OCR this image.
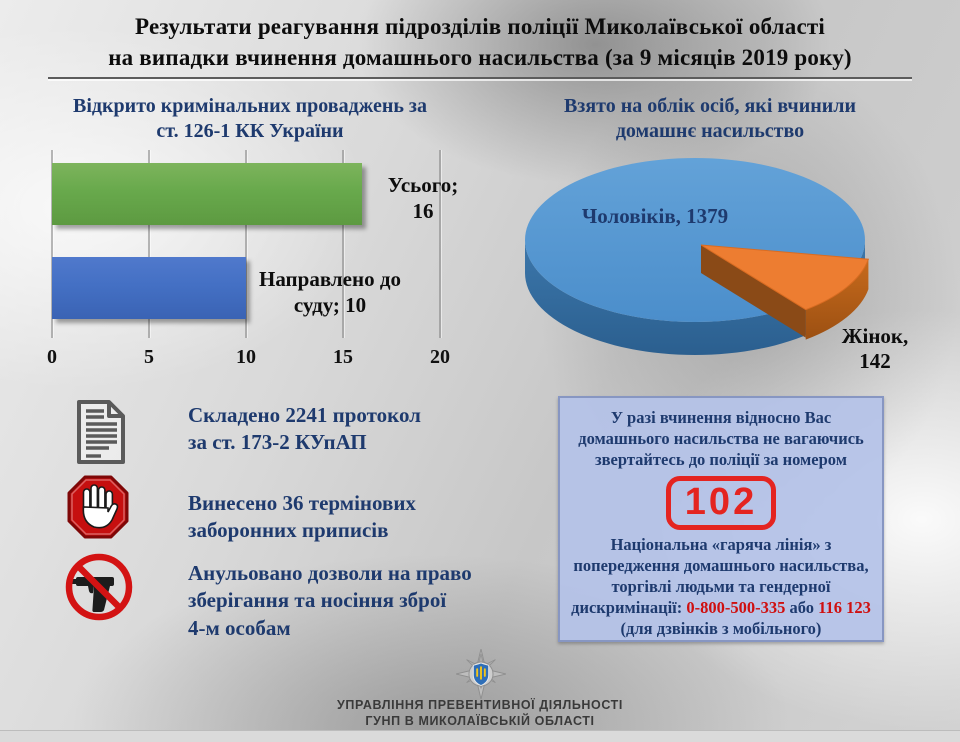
Результати реагування підрозділів поліції Миколаївської області
на випадки вчинення домашнього насильства (за 9 місяців 2019 року)
Відкрито кримінальних проваджень за
ст. 126-1 КК України
Усього;
16
Направлено до
суду; 10
0	5	10	15	20
Взято на облік осіб, які вчинили
домашнє насильство
Чоловіків, 1379
Жінок,
142
Складено 2241 протокол
за ст. 173-2 КУпАП
Винесено 36 термінових
заборонних приписів
Анульовано дозволи на право
зберігання та носіння зброї
4-м особам

У разі вчинення відносно Вас
домашнього насильства не вагаючись
звертайтесь до поліції за номером

102

Національна «гаряча лінія» з попередження домашнього насильства, торгівлі людьми та гендерної дискримінації: 0-800-500-335 або 116 123 (для дзвінків з мобільного)

УПРАВЛІННЯ ПРЕВЕНТИВНОЇ ДІЯЛЬНОСТІ
ГУНП В МИКОЛАЇВСЬКІЙ ОБЛАСТІ
